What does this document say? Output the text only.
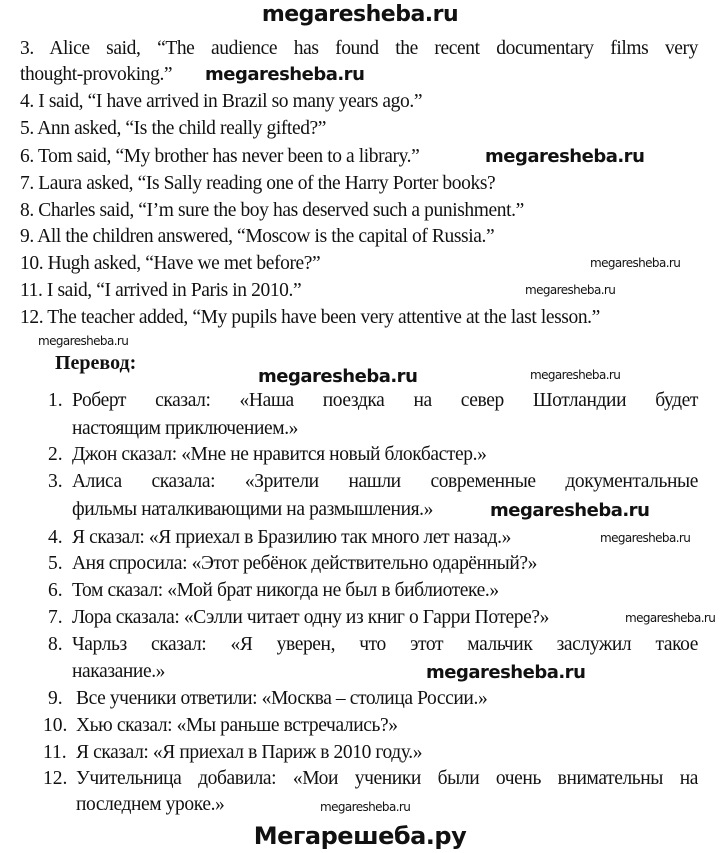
megaresheba.ru
3. Alice said, “The audience has found the recent documentary films very
thought-provoking.”
4. I said, “I have arrived in Brazil so many years ago.”
5. Ann asked, “Is the child really gifted?”
6. Tom said, “My brother has never been to a library.”
7. Laura asked, “Is Sally reading one of the Harry Porter books?
8. Charles said, “I’m sure the boy has deserved such a punishment.”
9. All the children answered, “Moscow is the capital of Russia.”
10. Hugh asked, “Have we met before?”
11. I said, “I arrived in Paris in 2010.”
12. The teacher added, “My pupils have been very attentive at the last lesson.”
Перевод:
1. Роберт сказал: «Наша поездка на север Шотландии будет
настоящим приключением.»
2. Джон сказал: «Мне не нравится новый блокбастер.»
3. Алиса сказала: «Зрители нашли современные документальные
фильмы наталкивающими на размышления.»
4. Я сказал: «Я приехал в Бразилию так много лет назад.»
5. Аня спросила: «Этот ребёнок действительно одарённый?»
6. Том сказал: «Мой брат никогда не был в библиотеке.»
7. Лора сказала: «Сэлли читает одну из книг о Гарри Потере?»
8. Чарльз сказал: «Я уверен, что этот мальчик заслужил такое
наказание.»
9. Все ученики ответили: «Москва – столица России.»
10. Хью сказал: «Мы раньше встречались?»
11. Я сказал: «Я приехал в Париж в 2010 году.»
12. Учительница добавила: «Мои ученики были очень внимательны на
последнем уроке.»
megaresheba.ru
megaresheba.ru
megaresheba.ru
megaresheba.ru
megaresheba.ru
megaresheba.ru	megaresheba.ru
megaresheba.ru
megaresheba.ru
megaresheba.ru
megaresheba.ru
megaresheba.ru
Мегарешеба.ру
